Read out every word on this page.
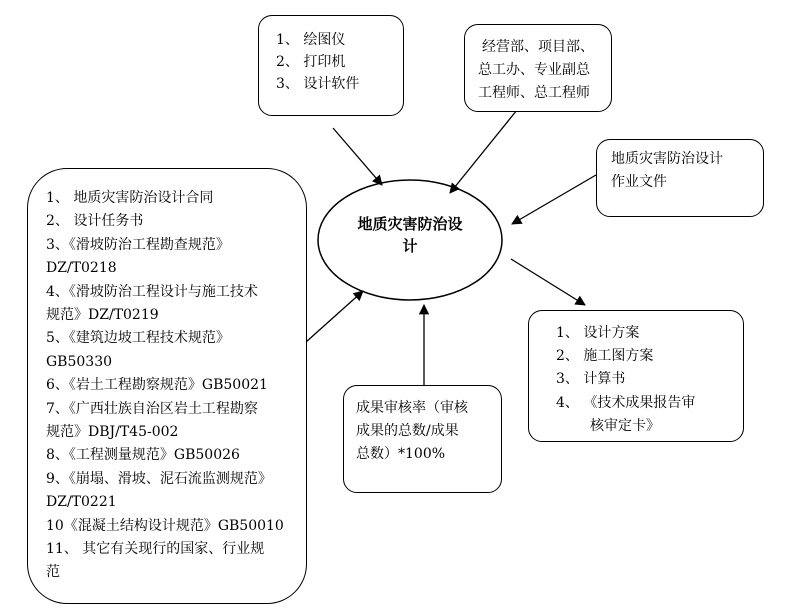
地质灾害防治设
计
1、 绘图仪
2、 打印机
3、 设计软件
经营部、项目部、
总工办、专业副总
工程师、总工程师
地质灾害防治设计
作业文件
1、 地质灾害防治设计合同
2、 设计任务书
3、《滑坡防治工程勘查规范》
DZ/T0218
4、《滑坡防治工程设计与施工技术
规范》DZ/T0219
5、《建筑边坡工程技术规范》
GB50330
6、《岩土工程勘察规范》GB50021
7、《广西壮族自治区岩土工程勘察
规范》DBJ/T45-002
8、《工程测量规范》GB50026
9、《崩塌、滑坡、泥石流监测规范》
DZ/T0221
10《混凝土结构设计规范》GB50010
11、 其它有关现行的国家、行业规
范
成果审核率（审核
成果的总数/成果
总数）*100%
1、 设计方案
2、 施工图方案
3、 计算书
4、 《技术成果报告审
核审定卡》
